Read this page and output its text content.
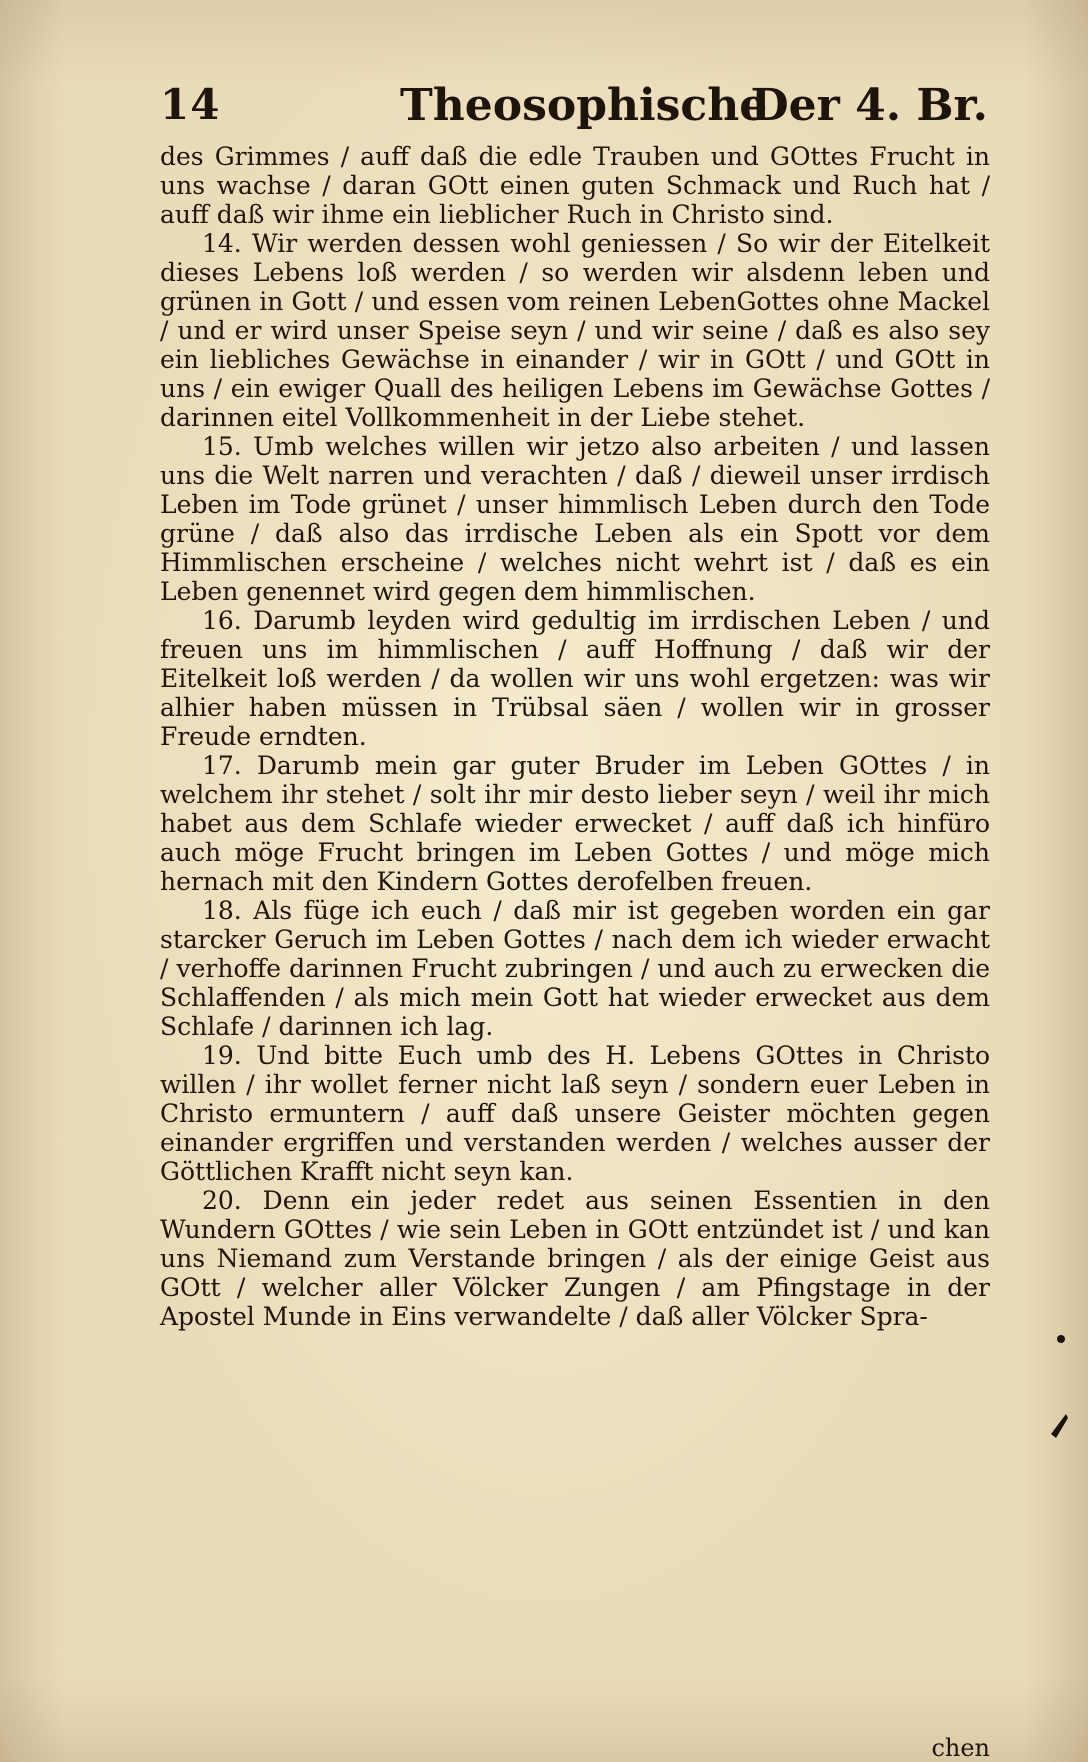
14	Theosophische
Der 4. Br.

des Grimmes / auff daß die edle Trauben und GOttes Frucht in uns wachse / daran GOtt einen guten Schmack und Ruch hat / auff daß wir ihme ein lieblicher Ruch in Christo sind.

14. Wir werden dessen wohl geniessen / So wir der Eitelkeit dieses Lebens loß werden / so werden wir alsdenn leben und grünen in Gott / und essen vom reinen LebenGottes ohne Mackel / und er wird unser Speise seyn / und wir seine / daß es also sey ein liebliches Gewächse in einander / wir in GOtt / und GOtt in uns / ein ewiger Quall des heiligen Lebens im Gewächse Gottes / darinnen eitel Vollkommenheit in der Liebe stehet.

15. Umb welches willen wir jetzo also arbeiten / und lassen uns die Welt narren und verachten / daß / dieweil unser irrdisch Leben im Tode grünet / unser himmlisch Leben durch den Tode grüne / daß also das irrdische Leben als ein Spott vor dem Himmlischen erscheine / welches nicht wehrt ist / daß es ein Leben genennet wird gegen dem himmlischen.

16. Darumb leyden wird gedultig im irrdischen Leben / und freuen uns im himmlischen / auff Hoffnung / daß wir der Eitelkeit loß werden / da wollen wir uns wohl ergetzen: was wir alhier haben müssen in Trübsal säen / wollen wir in grosser Freude erndten.

17. Darumb mein gar guter Bruder im Leben GOttes / in welchem ihr stehet / solt ihr mir desto lieber seyn / weil ihr mich habet aus dem Schlafe wieder erwecket / auff daß ich hinfüro auch möge Frucht bringen im Leben Gottes / und möge mich hernach mit den Kindern Gottes derofelben freuen.

18. Als füge ich euch / daß mir ist gegeben worden ein gar starcker Geruch im Leben Gottes / nach dem ich wieder erwacht / verhoffe darinnen Frucht zubringen / und auch zu erwecken die Schlaffenden / als mich mein Gott hat wieder erwecket aus dem Schlafe / darinnen ich lag.

19. Und bitte Euch umb des H. Lebens GOttes in Christo willen / ihr wollet ferner nicht laß seyn / sondern euer Leben in Christo ermuntern / auff daß unsere Geister möchten gegen einander ergriffen und verstanden werden / welches ausser der Göttlichen Krafft nicht seyn kan.

20. Denn ein jeder redet aus seinen Essentien in den Wundern GOttes / wie sein Leben in GOtt entzündet ist / und kan uns Niemand zum Verstande bringen / als der einige Geist aus GOtt / welcher aller Völcker Zungen / am Pfingstage in der Apostel Munde in Eins verwandelte / daß aller Völcker Spra-

chen
